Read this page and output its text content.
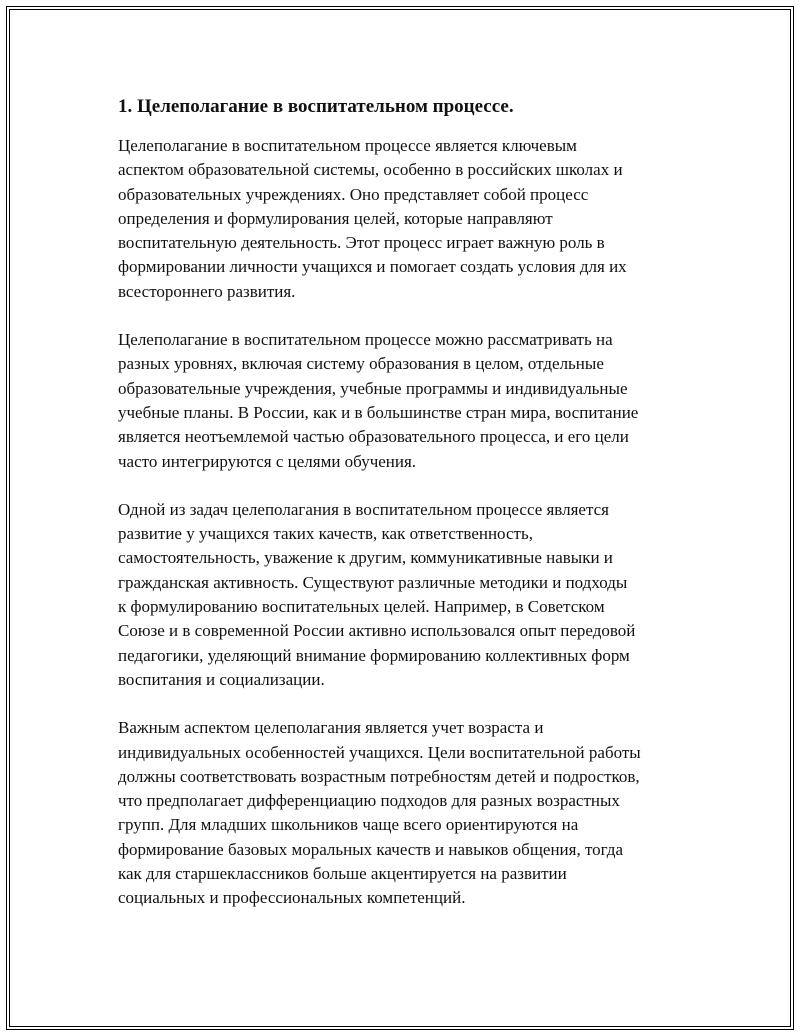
1. Целеполагание в воспитательном процессе.

Целеполагание в воспитательном процессе является ключевым
аспектом образовательной системы, особенно в российских школах и
образовательных учреждениях. Оно представляет собой процесс
определения и формулирования целей, которые направляют
воспитательную деятельность. Этот процесс играет важную роль в
формировании личности учащихся и помогает создать условия для их
всестороннего развития.

Целеполагание в воспитательном процессе можно рассматривать на
разных уровнях, включая систему образования в целом, отдельные
образовательные учреждения, учебные программы и индивидуальные
учебные планы. В России, как и в большинстве стран мира, воспитание
является неотъемлемой частью образовательного процесса, и его цели
часто интегрируются с целями обучения.

Одной из задач целеполагания в воспитательном процессе является
развитие у учащихся таких качеств, как ответственность,
самостоятельность, уважение к другим, коммуникативные навыки и
гражданская активность. Существуют различные методики и подходы
к формулированию воспитательных целей. Например, в Советском
Союзе и в современной России активно использовался опыт передовой
педагогики, уделяющий внимание формированию коллективных форм
воспитания и социализации.

Важным аспектом целеполагания является учет возраста и
индивидуальных особенностей учащихся. Цели воспитательной работы
должны соответствовать возрастным потребностям детей и подростков,
что предполагает дифференциацию подходов для разных возрастных
групп. Для младших школьников чаще всего ориентируются на
формирование базовых моральных качеств и навыков общения, тогда
как для старшеклассников больше акцентируется на развитии
социальных и профессиональных компетенций.
